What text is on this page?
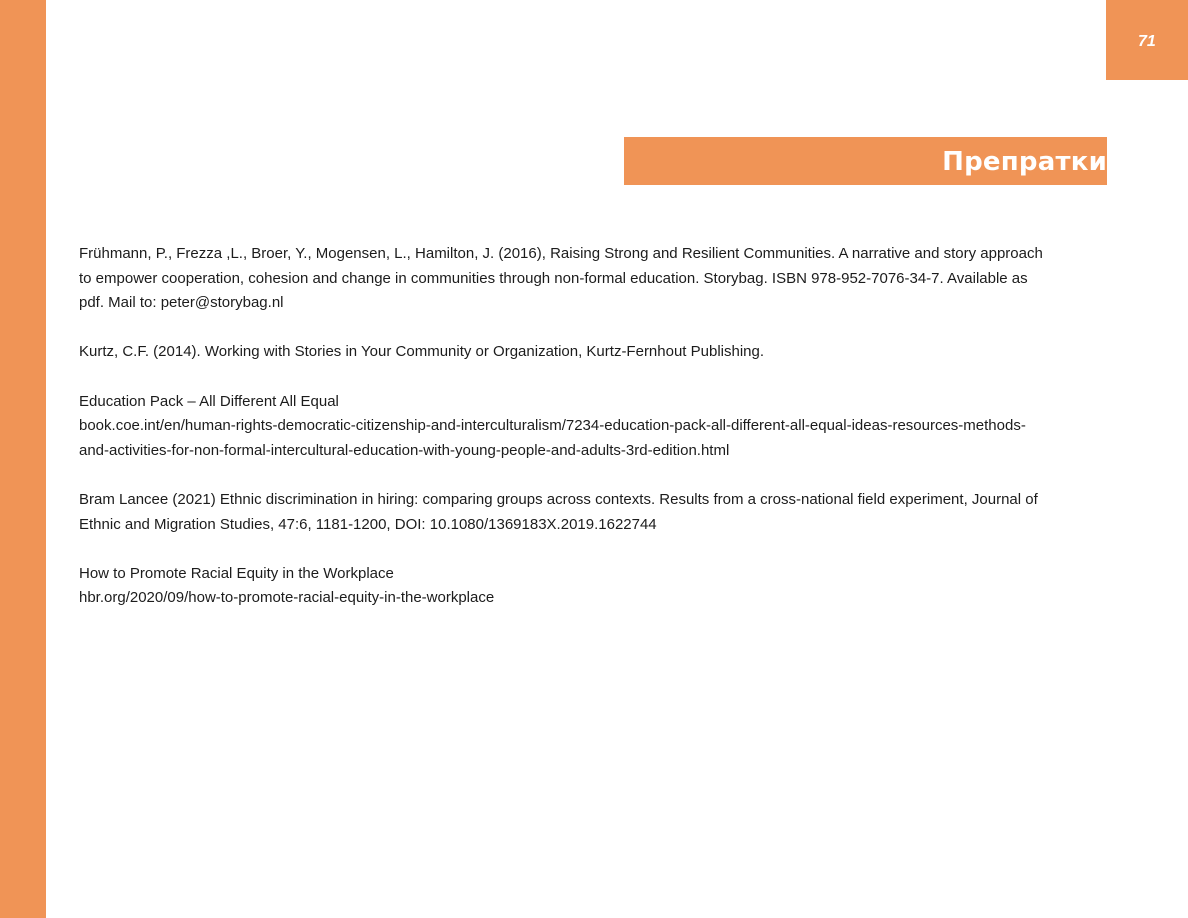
71
Препратки

Frühmann, P., Frezza ,L., Broer, Y., Mogensen, L., Hamilton, J. (2016), Raising Strong and Resilient Communities. A narrative and story approach
to empower cooperation, cohesion and change in communities through non-formal education. Storybag. ISBN 978-952-7076-34-7. Available as
pdf. Mail to: peter@storybag.nl

Kurtz, C.F. (2014). Working with Stories in Your Community or Organization, Kurtz-Fernhout Publishing.

Education Pack – All Different All Equal
book.coe.int/en/human-rights-democratic-citizenship-and-interculturalism/7234-education-pack-all-different-all-equal-ideas-resources-methods-
and-activities-for-non-formal-intercultural-education-with-young-people-and-adults-3rd-edition.html

Bram Lancee (2021) Ethnic discrimination in hiring: comparing groups across contexts. Results from a cross-national field experiment, Journal of
Ethnic and Migration Studies, 47:6, 1181-1200, DOI: 10.1080/1369183X.2019.1622744

How to Promote Racial Equity in the Workplace
hbr.org/2020/09/how-to-promote-racial-equity-in-the-workplace
